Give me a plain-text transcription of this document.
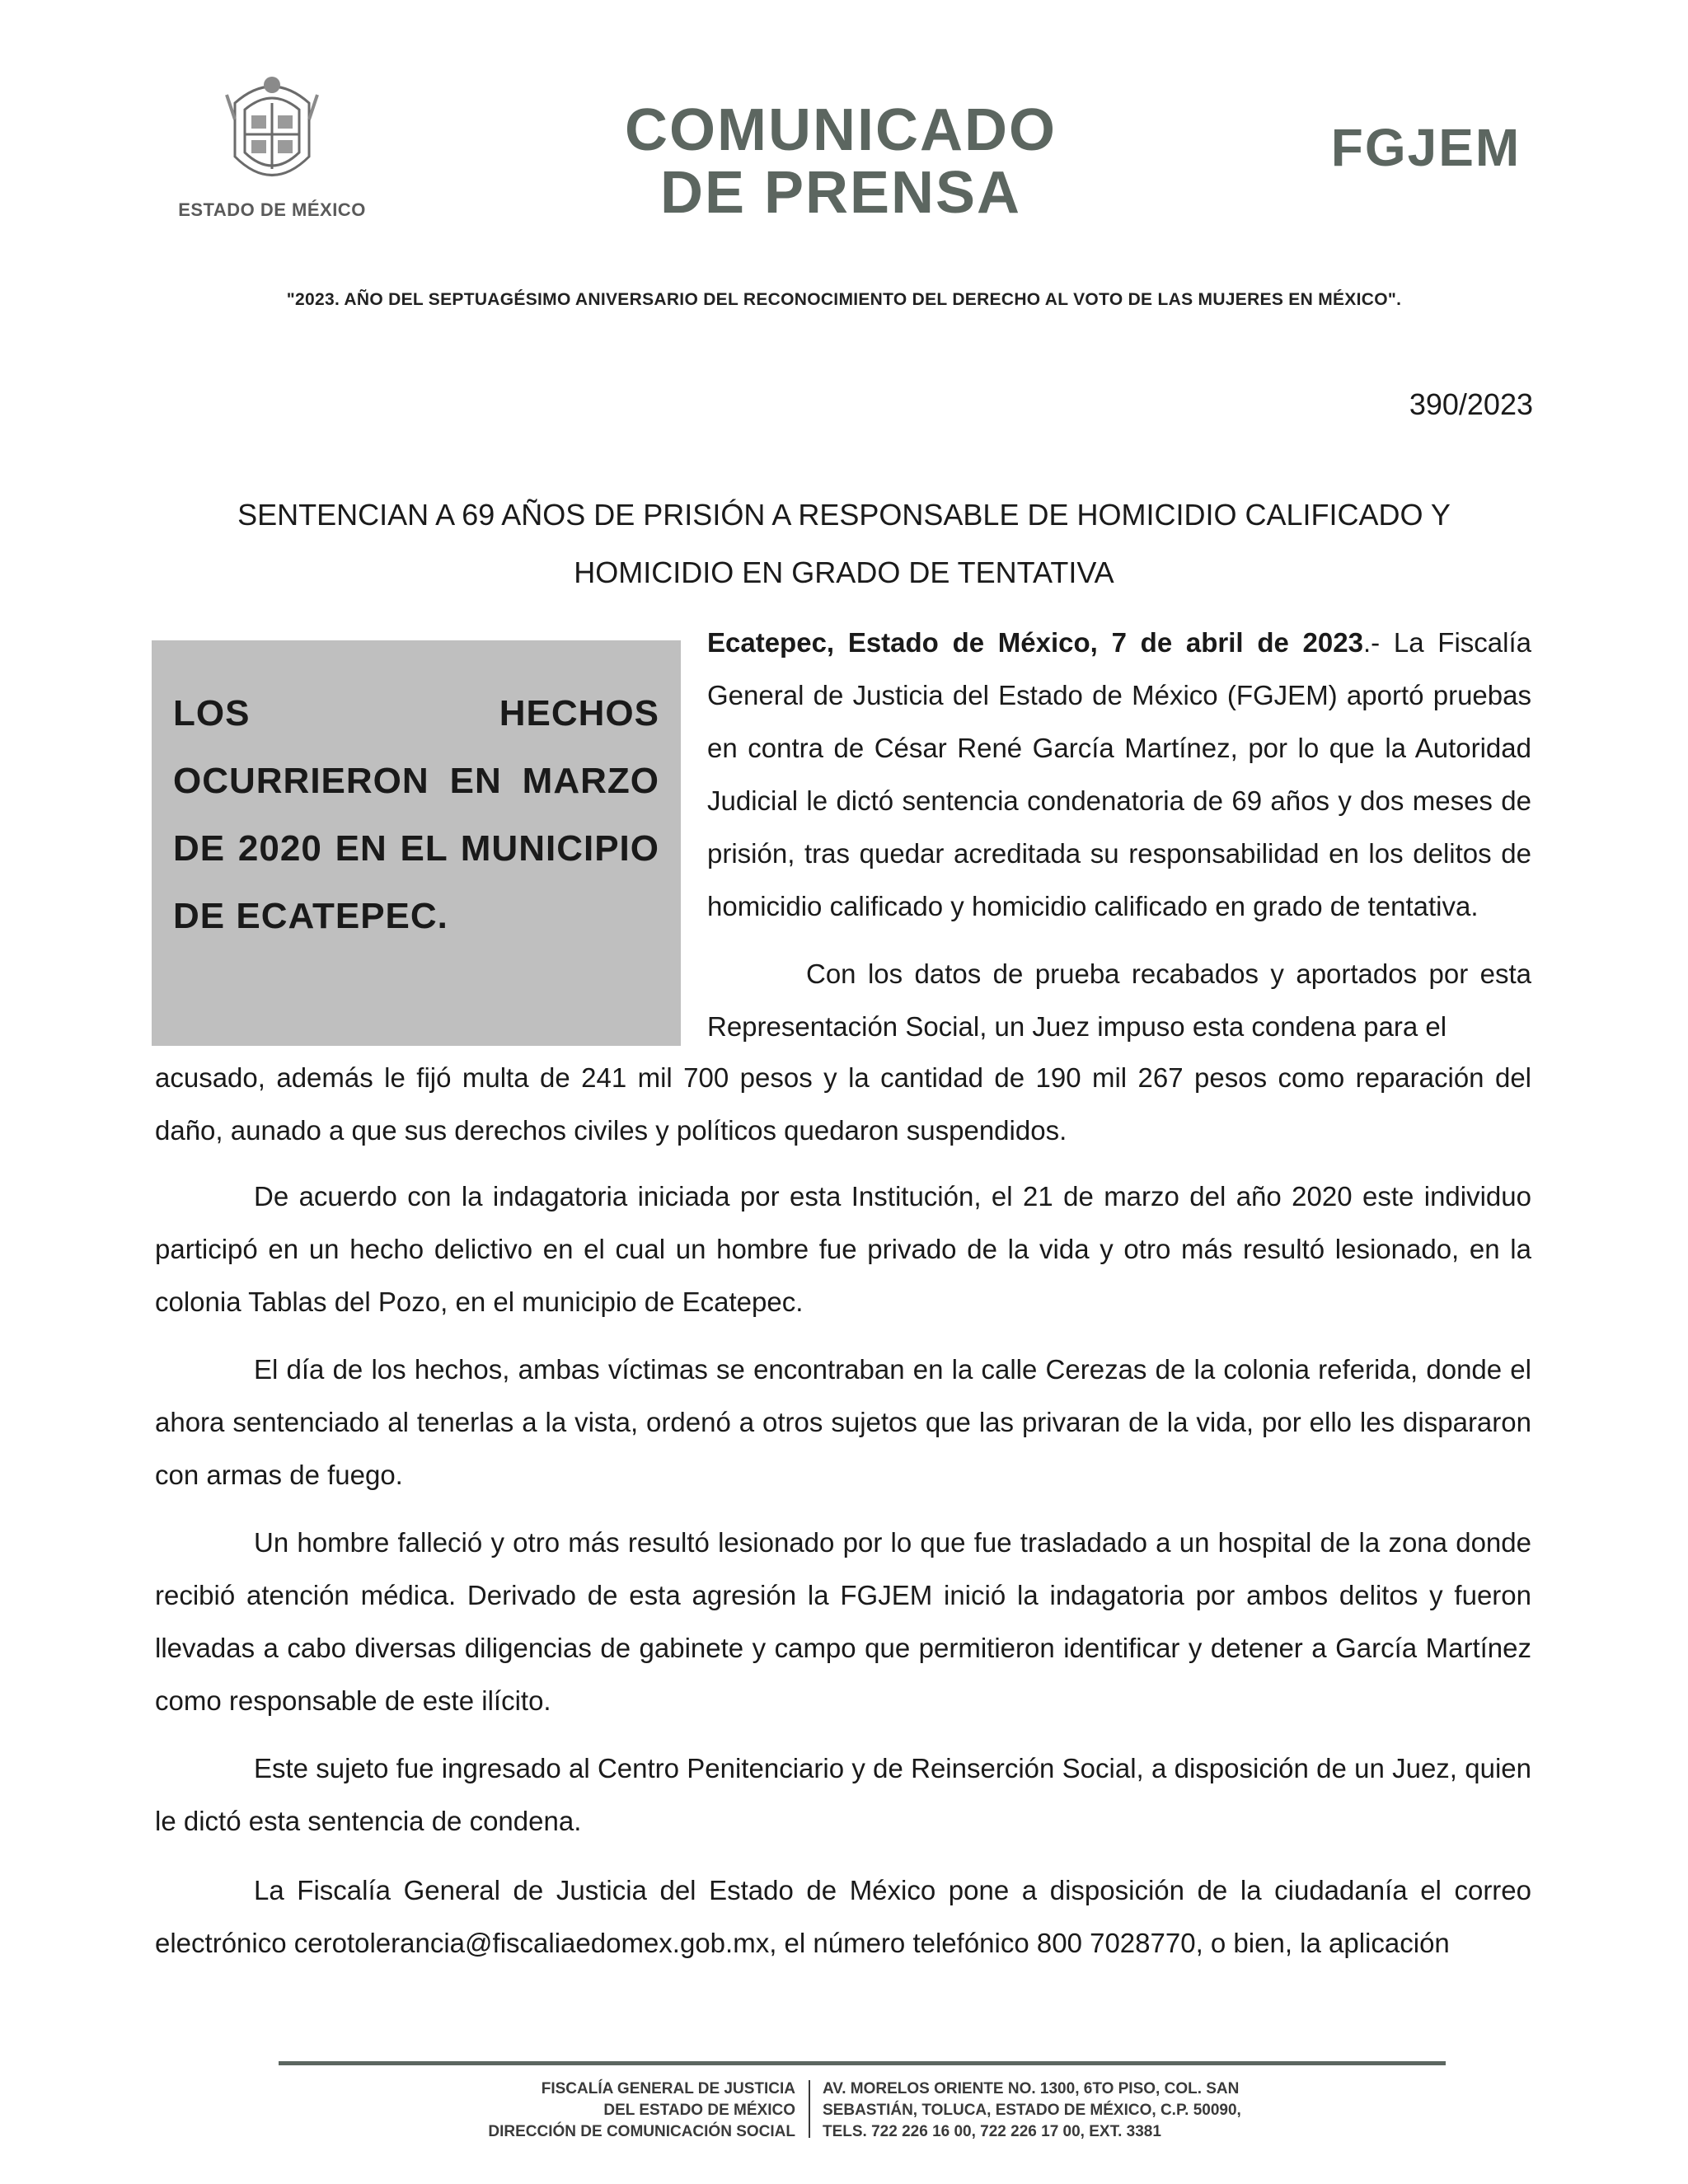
ESTADO DE MÉXICO
COMUNICADO
DE PRENSA
FGJEM
"2023. AÑO DEL SEPTUAGÉSIMO ANIVERSARIO DEL RECONOCIMIENTO DEL DERECHO AL VOTO DE LAS MUJERES EN MÉXICO".
390/2023
SENTENCIAN A 69 AÑOS DE PRISIÓN A RESPONSABLE DE HOMICIDIO CALIFICADO Y
HOMICIDIO EN GRADO DE TENTATIVA
LOS HECHOS OCURRIERON EN MARZO DE 2020 EN EL MUNICIPIO DE ECATEPEC.

Ecatepec, Estado de México, 7 de abril de 2023.- La Fiscalía General de Justicia del Estado de México (FGJEM) aportó pruebas en contra de César René García Martínez, por lo que la Autoridad Judicial le dictó sentencia condenatoria de 69 años y dos meses de prisión, tras quedar acreditada su responsabilidad en los delitos de homicidio calificado y homicidio calificado en grado de tentativa.

Con los datos de prueba recabados y aportados por esta Representación Social, un Juez impuso esta condena para el

acusado, además le fijó multa de 241 mil 700 pesos y la cantidad de 190 mil 267 pesos como reparación del daño, aunado a que sus derechos civiles y políticos quedaron suspendidos.

De acuerdo con la indagatoria iniciada por esta Institución, el 21 de marzo del año 2020 este individuo participó en un hecho delictivo en el cual un hombre fue privado de la vida y otro más resultó lesionado, en la colonia Tablas del Pozo, en el municipio de Ecatepec.

El día de los hechos, ambas víctimas se encontraban en la calle Cerezas de la colonia referida, donde el ahora sentenciado al tenerlas a la vista, ordenó a otros sujetos que las privaran de la vida, por ello les dispararon con armas de fuego.

Un hombre falleció y otro más resultó lesionado por lo que fue trasladado a un hospital de la zona donde recibió atención médica. Derivado de esta agresión la FGJEM inició la indagatoria por ambos delitos y fueron llevadas a cabo diversas diligencias de gabinete y campo que permitieron identificar y detener a García Martínez como responsable de este ilícito.

Este sujeto fue ingresado al Centro Penitenciario y de Reinserción Social, a disposición de un Juez, quien le dictó esta sentencia de condena.

La Fiscalía General de Justicia del Estado de México pone a disposición de la ciudadanía el correo electrónico cerotolerancia@fiscaliaedomex.gob.mx, el número telefónico 800 7028770, o bien, la aplicación

FISCALÍA GENERAL DE JUSTICIA
DEL ESTADO DE MÉXICO
DIRECCIÓN DE COMUNICACIÓN SOCIAL
AV. MORELOS ORIENTE NO. 1300, 6TO PISO, COL. SAN
SEBASTIÁN, TOLUCA, ESTADO DE MÉXICO, C.P. 50090,
TELS. 722 226 16 00, 722 226 17 00, EXT. 3381
